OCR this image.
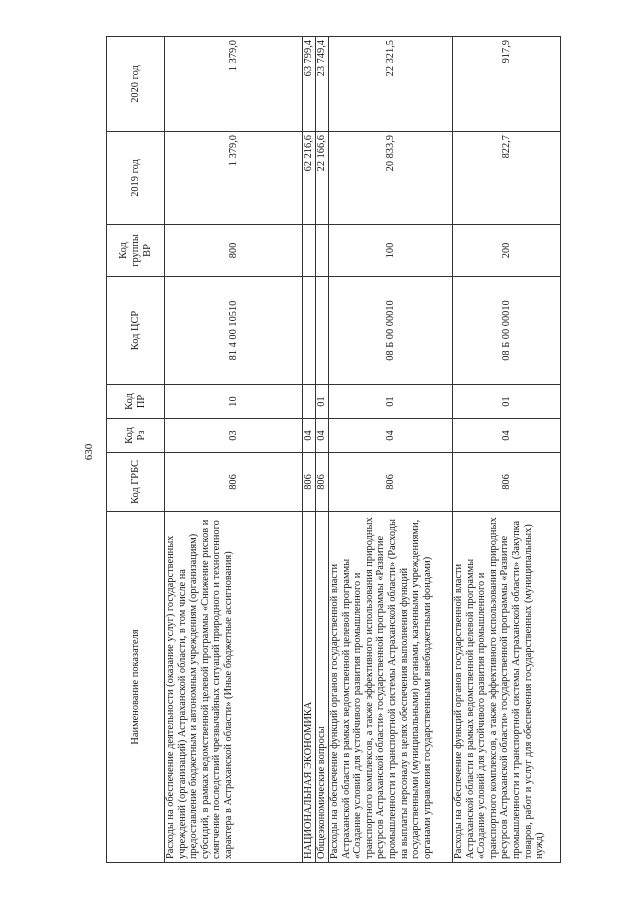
630
Наименование показателя	Код ГРБС	Код Рз	Код ПР	Код ЦСР	Код группы ВР	2019 год	2020 год
Расходы на обеспечение деятельности (оказание услуг) государственных учреждений (организаций) Астраханской области, в том числе на предоставление бюджетным и автономным учреждениям (организациям) субсидий, в рамках ведомственной целевой программы «Снижение рисков и смягчение последствий чрезвычайных ситуаций природного и техногенного характера в Астраханской области» (Иные бюджетные ассигнования)	806	03	10	81 4 00 10510	800	1 379,0	1 379,0
НАЦИОНАЛЬНАЯ ЭКОНОМИКА	806	04				62 216,6	63 799,4
Общеэкономические вопросы	806	04	01			22 166,6	23 749,4
Расходы на обеспечение функций органов государственной власти Астраханской области в рамках ведомственной целевой программы «Создание условий для устойчивого развития промышленного и транспортного комплексов, а также эффективного использования природных ресурсов Астраханской области» государственной программы «Развитие промышленности и транспортной системы Астраханской области» (Расходы на выплаты персоналу в целях обеспечения выполнения функций государственными (муниципальными) органами, казенными учреждениями, органами управления государственными внебюджетными фондами)	806	04	01	08 Б 00 00010	100	20 833,9	22 321,5
Расходы на обеспечение функций органов государственной власти Астраханской области в рамках ведомственной целевой программы «Создание условий для устойчивого развития промышленного и транспортного комплексов, а также эффективного использования природных ресурсов Астраханской области» государственной программы «Развитие промышленности и транспортной системы Астраханской области» (Закупка товаров, работ и услуг для обеспечения государственных (муниципальных) нужд)	806	04	01	08 Б 00 00010	200	822,7	917,9
